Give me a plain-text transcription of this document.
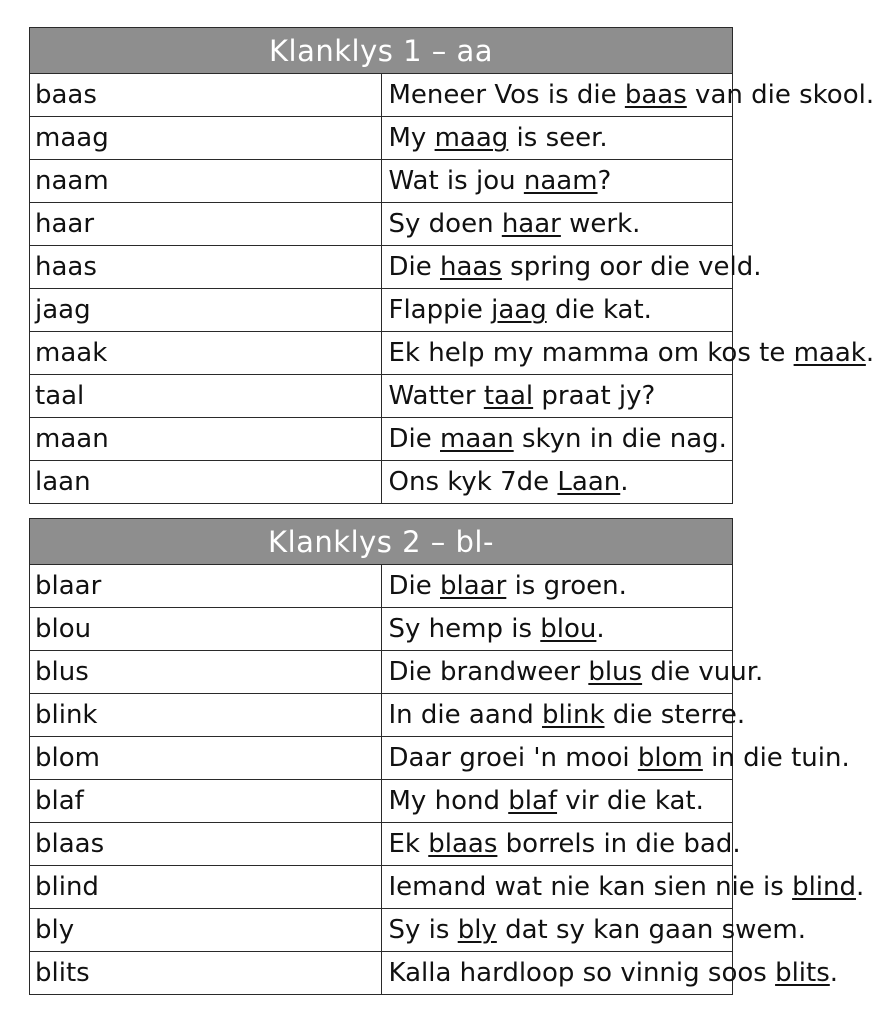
Klanklys 1 – aa	
baas	Meneer Vos is die baas van die skool.
maag	My maag is seer.
naam	Wat is jou naam?
haar	Sy doen haar werk.
haas	Die haas spring oor die veld.
jaag	Flappie jaag die kat.
maak	Ek help my mamma om kos te maak.
taal	Watter taal praat jy?
maan	Die maan skyn in die nag.
laan	Ons kyk 7de Laan.
Klanklys 2 – bl-	
blaar	Die blaar is groen.
blou	Sy hemp is blou.
blus	Die brandweer blus die vuur.
blink	In die aand blink die sterre.
blom	Daar groei 'n mooi blom in die tuin.
blaf	My hond blaf vir die kat.
blaas	Ek blaas borrels in die bad.
blind	Iemand wat nie kan sien nie is blind.
bly	Sy is bly dat sy kan gaan swem.
blits	Kalla hardloop so vinnig soos blits.
